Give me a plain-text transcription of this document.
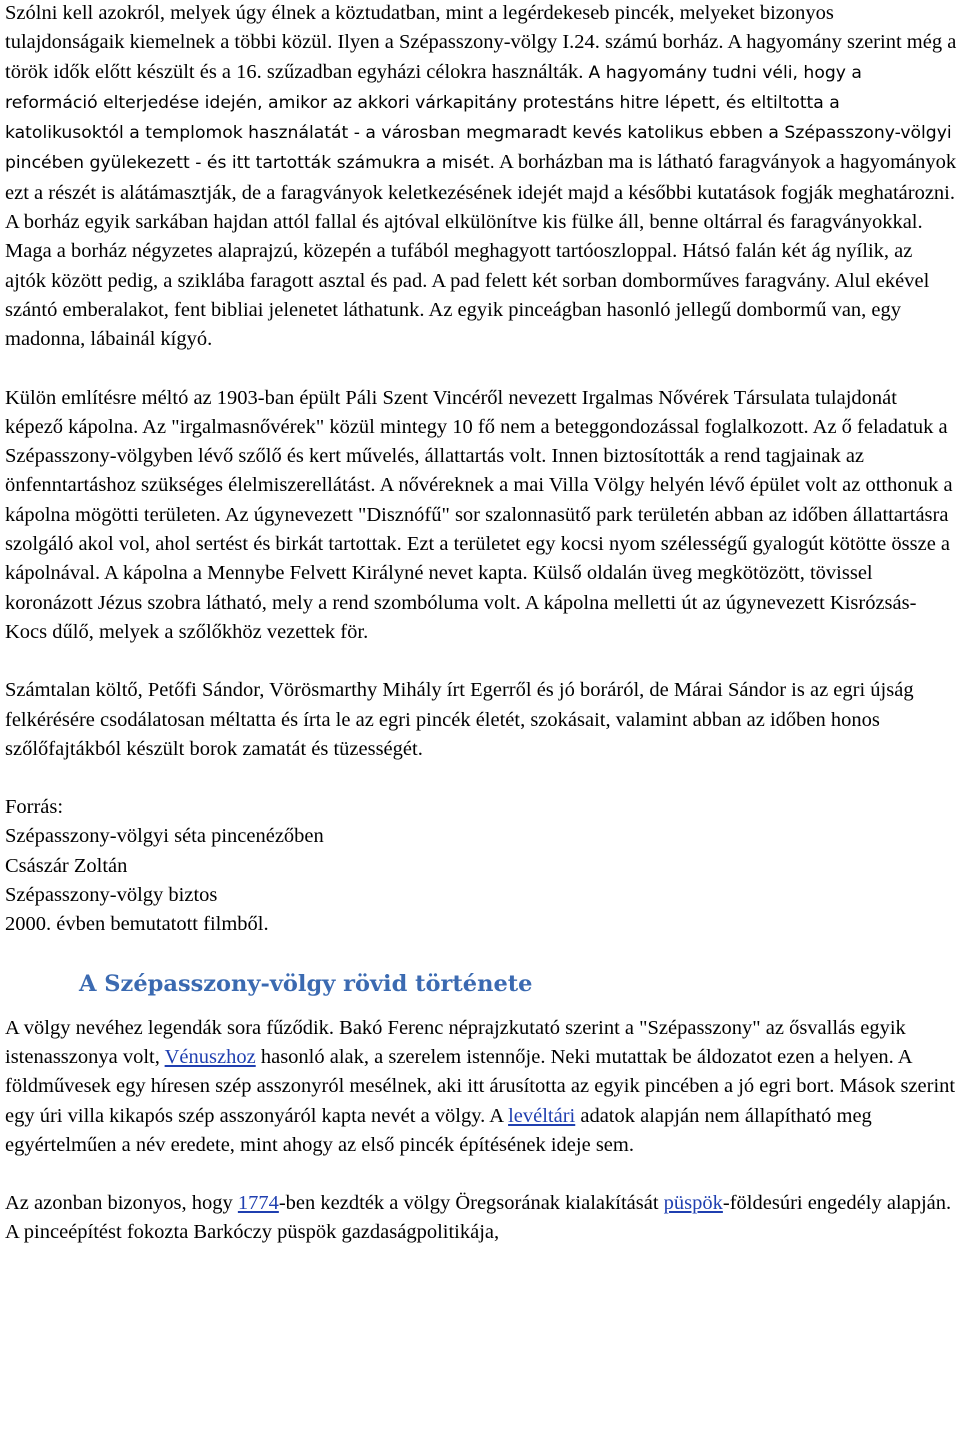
Szólni kell azokról, melyek úgy élnek a köztudatban, mint a legérdekeseb pincék, melyeket bizonyos tulajdonságaik kiemelnek a többi közül. Ilyen a Szépasszony-völgy I.24. számú borház. A hagyomány szerint még a török idők előtt készült és a 16. szűzadban egyházi célokra használták. A hagyomány tudni véli, hogy a reformáció elterjedése idején, amikor az akkori várkapitány protestáns hitre lépett, és eltiltotta a katolikusoktól a templomok használatát - a városban megmaradt kevés katolikus ebben a Szépasszony-völgyi pincében gyülekezett - és itt tartották számukra a misét. A borházban ma is látható faragványok a hagyományok ezt a részét is alátámasztják, de a faragványok keletkezésének idejét majd a későbbi kutatások fogják meghatározni.

A borház egyik sarkában hajdan attól fallal és ajtóval elkülönítve kis fülke áll, benne oltárral és faragványokkal. Maga a borház négyzetes alaprajzú, közepén a tufából meghagyott tartóoszloppal. Hátsó falán két ág nyílik, az ajtók között pedig, a sziklába faragott asztal és pad. A pad felett két sorban domborműves faragvány. Alul ekével szántó emberalakot, fent bibliai jelenetet láthatunk. Az egyik pinceágban hasonló jellegű dombormű van, egy madonna, lábainál kígyó.

Külön említésre méltó az 1903-ban épült Páli Szent Vincéről nevezett Irgalmas Nővérek Társulata tulajdonát képező kápolna. Az "irgalmasnővérek" közül mintegy 10 fő nem a beteggondozással foglalkozott. Az ő feladatuk a Szépasszony-völgyben lévő szőlő és kert művelés, állattartás volt. Innen biztosították a rend tagjainak az önfenntartáshoz szükséges élelmiszerellátást. A nővéreknek a mai Villa Völgy helyén lévő épület volt az otthonuk a kápolna mögötti területen. Az úgynevezett "Disznófű" sor szalonnasütő park területén abban az időben állattartásra szolgáló akol vol, ahol sertést és birkát tartottak. Ezt a területet egy kocsi nyom szélességű gyalogút kötötte össze a kápolnával. A kápolna a Mennybe Felvett Királyné nevet kapta. Külső oldalán üveg megkötözött, tövissel koronázott Jézus szobra látható, mely a rend szombóluma volt. A kápolna melletti út az úgynevezett Kisrózsás-Kocs dűlő, melyek a szőlőkhöz vezettek för.

Számtalan költő, Petőfi Sándor, Vörösmarthy Mihály írt Egerről és jó boráról, de Márai Sándor is az egri újság felkérésére csodálatosan méltatta és írta le az egri pincék életét, szokásait, valamint abban az időben honos szőlőfajtákból készült borok zamatát és tüzességét.

Forrás:
Szépasszony-völgyi séta pincenézőben
Császár Zoltán
Szépasszony-völgy biztos
2000. évben bemutatott filmből.

A Szépasszony-völgy rövid története

A völgy nevéhez legendák sora fűződik. Bakó Ferenc néprajzkutató szerint a "Szépasszony" az ősvallás egyik istenasszonya volt, Vénuszhoz hasonló alak, a szerelem istennője. Neki mutattak be áldozatot ezen a helyen. A földművesek egy híresen szép asszonyról mesélnek, aki itt árusította az egyik pincében a jó egri bort. Mások szerint egy úri villa kikapós szép asszonyáról kapta nevét a völgy. A levéltári adatok alapján nem állapítható meg egyértelműen a név eredete, mint ahogy az első pincék építésének ideje sem.

Az azonban bizonyos, hogy 1774-ben kezdték a völgy Öregsorának kialakítását püspök-földesúri engedély alapján. A pinceépítést fokozta Barkóczy püspök gazdaságpolitikája,
